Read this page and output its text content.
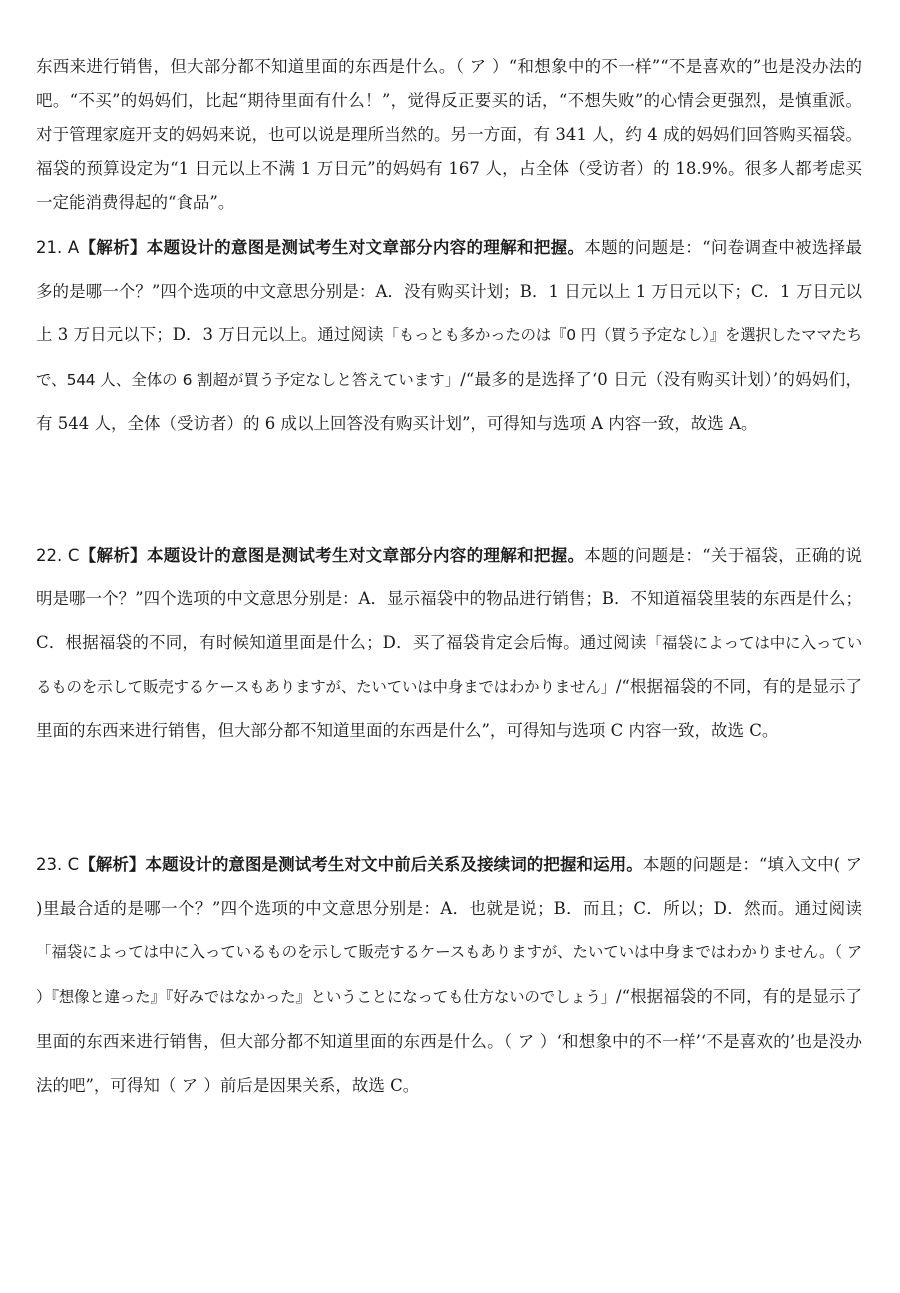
东西来进行销售，但大部分都不知道里面的东西是什么。（ ア ）“和想象中的不一样”“不是喜欢的”也是没办法的吧。“不买”的妈妈们，比起“期待里面有什么！”，觉得反正要买的话，“不想失败”的心情会更强烈，是慎重派。对于管理家庭开支的妈妈来说，也可以说是理所当然的。另一方面，有 341 人，约 4 成的妈妈们回答购买福袋。福袋的预算设定为“1 日元以上不满 1 万日元”的妈妈有 167 人，占全体（受访者）的 18.9%。很多人都考虑买一定能消费得起的“食品”。

21. A【解析】本题设计的意图是测试考生对文章部分内容的理解和把握。本题的问题是：“问卷调查中被选择最多的是哪一个？”四个选项的中文意思分别是：A．没有购买计划；B．1 日元以上 1 万日元以下；C．1 万日元以上 3 万日元以下；D．3 万日元以上。通过阅读「もっとも多かったのは『0 円（買う予定なし）』を選択したママたちで、544 人、全体の 6 割超が買う予定なしと答えています」/“最多的是选择了‘0 日元（没有购买计划）’的妈妈们，有 544 人，全体（受访者）的 6 成以上回答没有购买计划”，可得知与选项 A 内容一致，故选 A。

22. C【解析】本题设计的意图是测试考生对文章部分内容的理解和把握。本题的问题是：“关于福袋，正确的说明是哪一个？”四个选项的中文意思分别是：A．显示福袋中的物品进行销售；B．不知道福袋里装的东西是什么；C．根据福袋的不同，有时候知道里面是什么；D．买了福袋肯定会后悔。通过阅读「福袋によっては中に入っているものを示して販売するケースもありますが、たいていは中身まではわかりません」/“根据福袋的不同，有的是显示了里面的东西来进行销售，但大部分都不知道里面的东西是什么”，可得知与选项 C 内容一致，故选 C。

23. C【解析】本题设计的意图是测试考生对文中前后关系及接续词的把握和运用。本题的问题是：“填入文中( ア )里最合适的是哪一个？”四个选项的中文意思分别是：A．也就是说；B．而且；C．所以；D．然而。通过阅读「福袋によっては中に入っているものを示して販売するケースもありますが、たいていは中身まではわかりません。（ ア ）『想像と違った』『好みではなかった』ということになっても仕方ないのでしょう」/“根据福袋的不同，有的是显示了里面的东西来进行销售，但大部分都不知道里面的东西是什么。（ ア ）‘和想象中的不一样’‘不是喜欢的’也是没办法的吧”，可得知（ ア ）前后是因果关系，故选 C。
